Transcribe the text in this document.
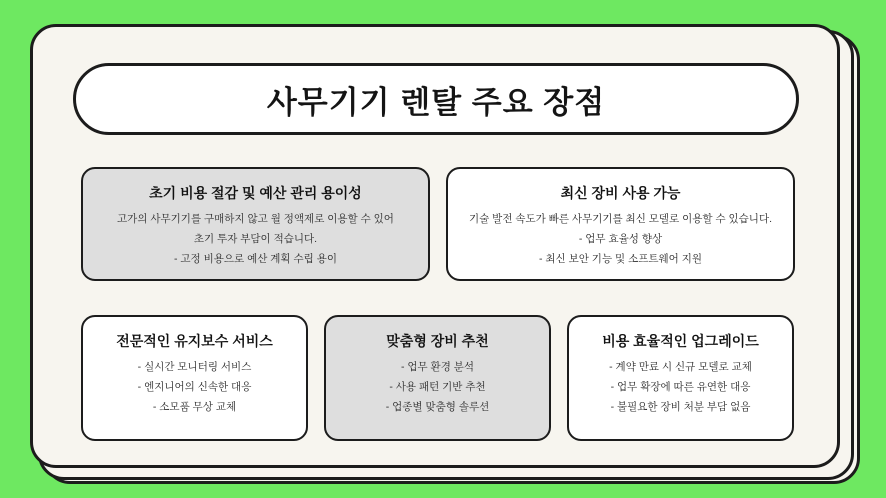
사무기기 렌탈 주요 장점
초기 비용 절감 및 예산 관리 용이성
고가의 사무기기를 구매하지 않고 월 정액제로 이용할 수 있어
초기 투자 부담이 적습니다.
- 고정 비용으로 예산 계획 수립 용이
최신 장비 사용 가능
기술 발전 속도가 빠른 사무기기를 최신 모델로 이용할 수 있습니다.
- 업무 효율성 향상
- 최신 보안 기능 및 소프트웨어 지원
전문적인 유지보수 서비스
- 실시간 모니터링 서비스
- 엔지니어의 신속한 대응
- 소모품 무상 교체
맞춤형 장비 추천
- 업무 환경 분석
- 사용 패턴 기반 추천
- 업종별 맞춤형 솔루션
비용 효율적인 업그레이드
- 계약 만료 시 신규 모델로 교체
- 업무 확장에 따른 유연한 대응
- 불필요한 장비 처분 부담 없음
